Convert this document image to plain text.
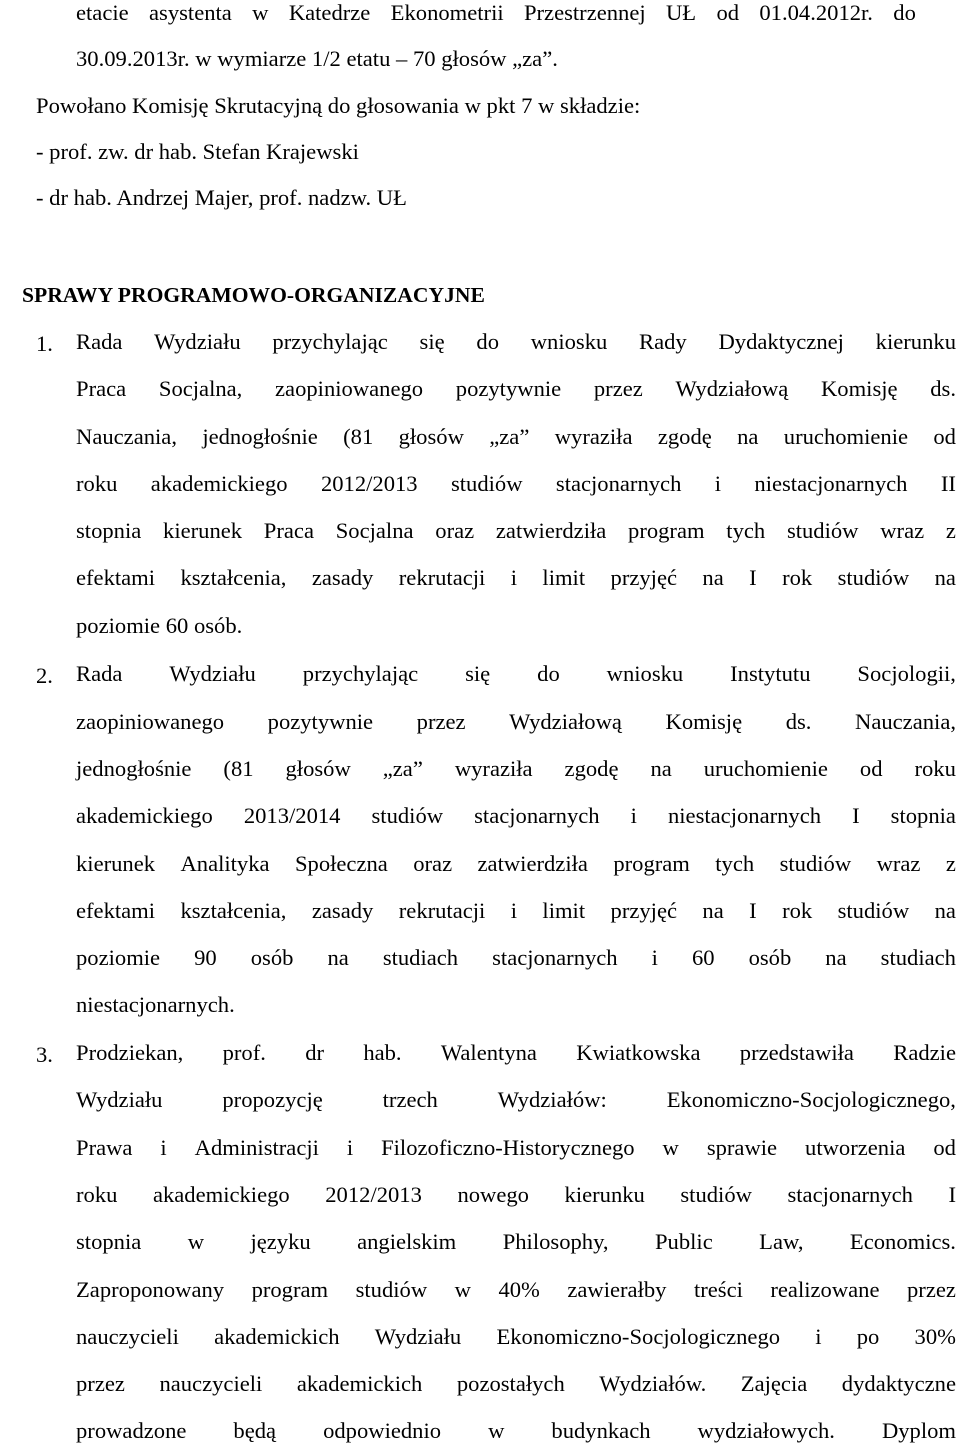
etacie asystenta w Katedrze Ekonometrii Przestrzennej UŁ od 01.04.2012r. do
30.09.2013r. w wymiarze 1/2 etatu – 70 głosów „za”.
Powołano Komisję Skrutacyjną do głosowania w pkt 7 w składzie:
- prof. zw. dr hab. Stefan Krajewski
- dr hab. Andrzej Majer, prof. nadzw. UŁ
SPRAWY PROGRAMOWO-ORGANIZACYJNE
1. Rada Wydziału przychylając się do wniosku Rady Dydaktycznej kierunku
Praca Socjalna, zaopiniowanego pozytywnie przez Wydziałową Komisję ds.
Nauczania, jednogłośnie (81 głosów „za” wyraziła zgodę na uruchomienie od
roku akademickiego 2012/2013 studiów stacjonarnych i niestacjonarnych II
stopnia kierunek Praca Socjalna oraz zatwierdziła program tych studiów wraz z
efektami kształcenia, zasady rekrutacji i limit przyjęć na I rok studiów na
poziomie 60 osób.
2. Rada Wydziału przychylając się do wniosku Instytutu Socjologii,
zaopiniowanego pozytywnie przez Wydziałową Komisję ds. Nauczania,
jednogłośnie (81 głosów „za” wyraziła zgodę na uruchomienie od roku
akademickiego 2013/2014 studiów stacjonarnych i niestacjonarnych I stopnia
kierunek Analityka Społeczna oraz zatwierdziła program tych studiów wraz z
efektami kształcenia, zasady rekrutacji i limit przyjęć na I rok studiów na
poziomie 90 osób na studiach stacjonarnych i 60 osób na studiach
niestacjonarnych.
3. Prodziekan, prof. dr hab. Walentyna Kwiatkowska przedstawiła Radzie
Wydziału	propozycję	trzech	Wydziałów:	Ekonomiczno-Socjologicznego,
Prawa i Administracji i Filozoficzno-Historycznego w sprawie utworzenia od
roku akademickiego 2012/2013 nowego kierunku studiów stacjonarnych I
stopnia w języku angielskim Philosophy, Public Law, Economics.
Zaproponowany program studiów w 40% zawierałby treści realizowane przez
nauczycieli akademickich Wydziału Ekonomiczno-Socjologicznego i po 30%
przez nauczycieli akademickich pozostałych Wydziałów. Zajęcia dydaktyczne
prowadzone będą odpowiednio w budynkach wydziałowych. Dyplom
